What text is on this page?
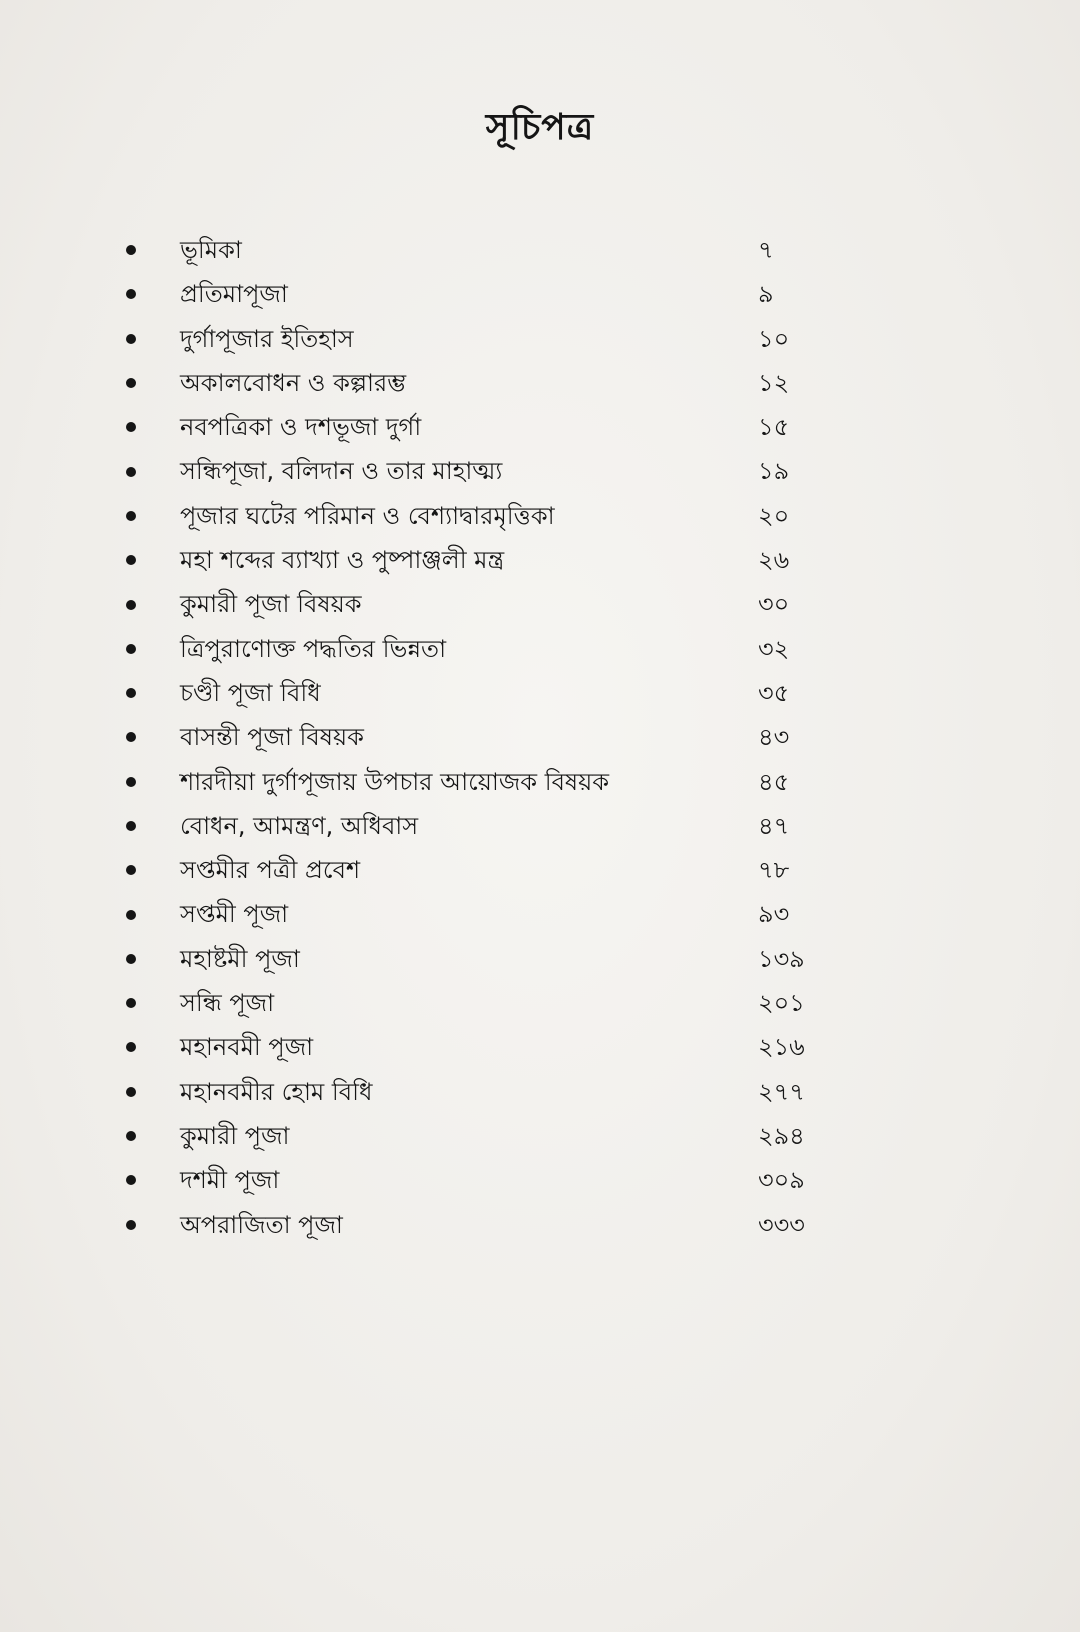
সূচিপত্র
ভূমিকা	৭
প্রতিমাপূজা	৯
দুর্গাপূজার ইতিহাস	১০
অকালবোধন ও কল্পারম্ভ	১২
নবপত্রিকা ও দশভূজা দুর্গা	১৫
সন্ধিপূজা, বলিদান ও তার মাহাত্ম্য	১৯
পূজার ঘটের পরিমান ও বেশ্যাদ্বারমৃত্তিকা	২০
মহা শব্দের ব্যাখ্যা ও পুষ্পাঞ্জলী মন্ত্র	২৬
কুমারী পূজা বিষয়ক	৩০
ত্রিপুরাণোক্ত পদ্ধতির ভিন্নতা	৩২
চণ্ডী পূজা বিধি	৩৫
বাসন্তী পূজা বিষয়ক	৪৩
শারদীয়া দুর্গাপূজায় উপচার আয়োজক বিষয়ক	৪৫
বোধন, আমন্ত্রণ, অধিবাস	৪৭
সপ্তমীর পত্রী প্রবেশ	৭৮
সপ্তমী পূজা	৯৩
মহাষ্টমী পূজা	১৩৯
সন্ধি পূজা	২০১
মহানবমী পূজা	২১৬
মহানবমীর হোম বিধি	২৭৭
কুমারী পূজা	২৯৪
দশমী পূজা	৩০৯
অপরাজিতা পূজা	৩৩৩
